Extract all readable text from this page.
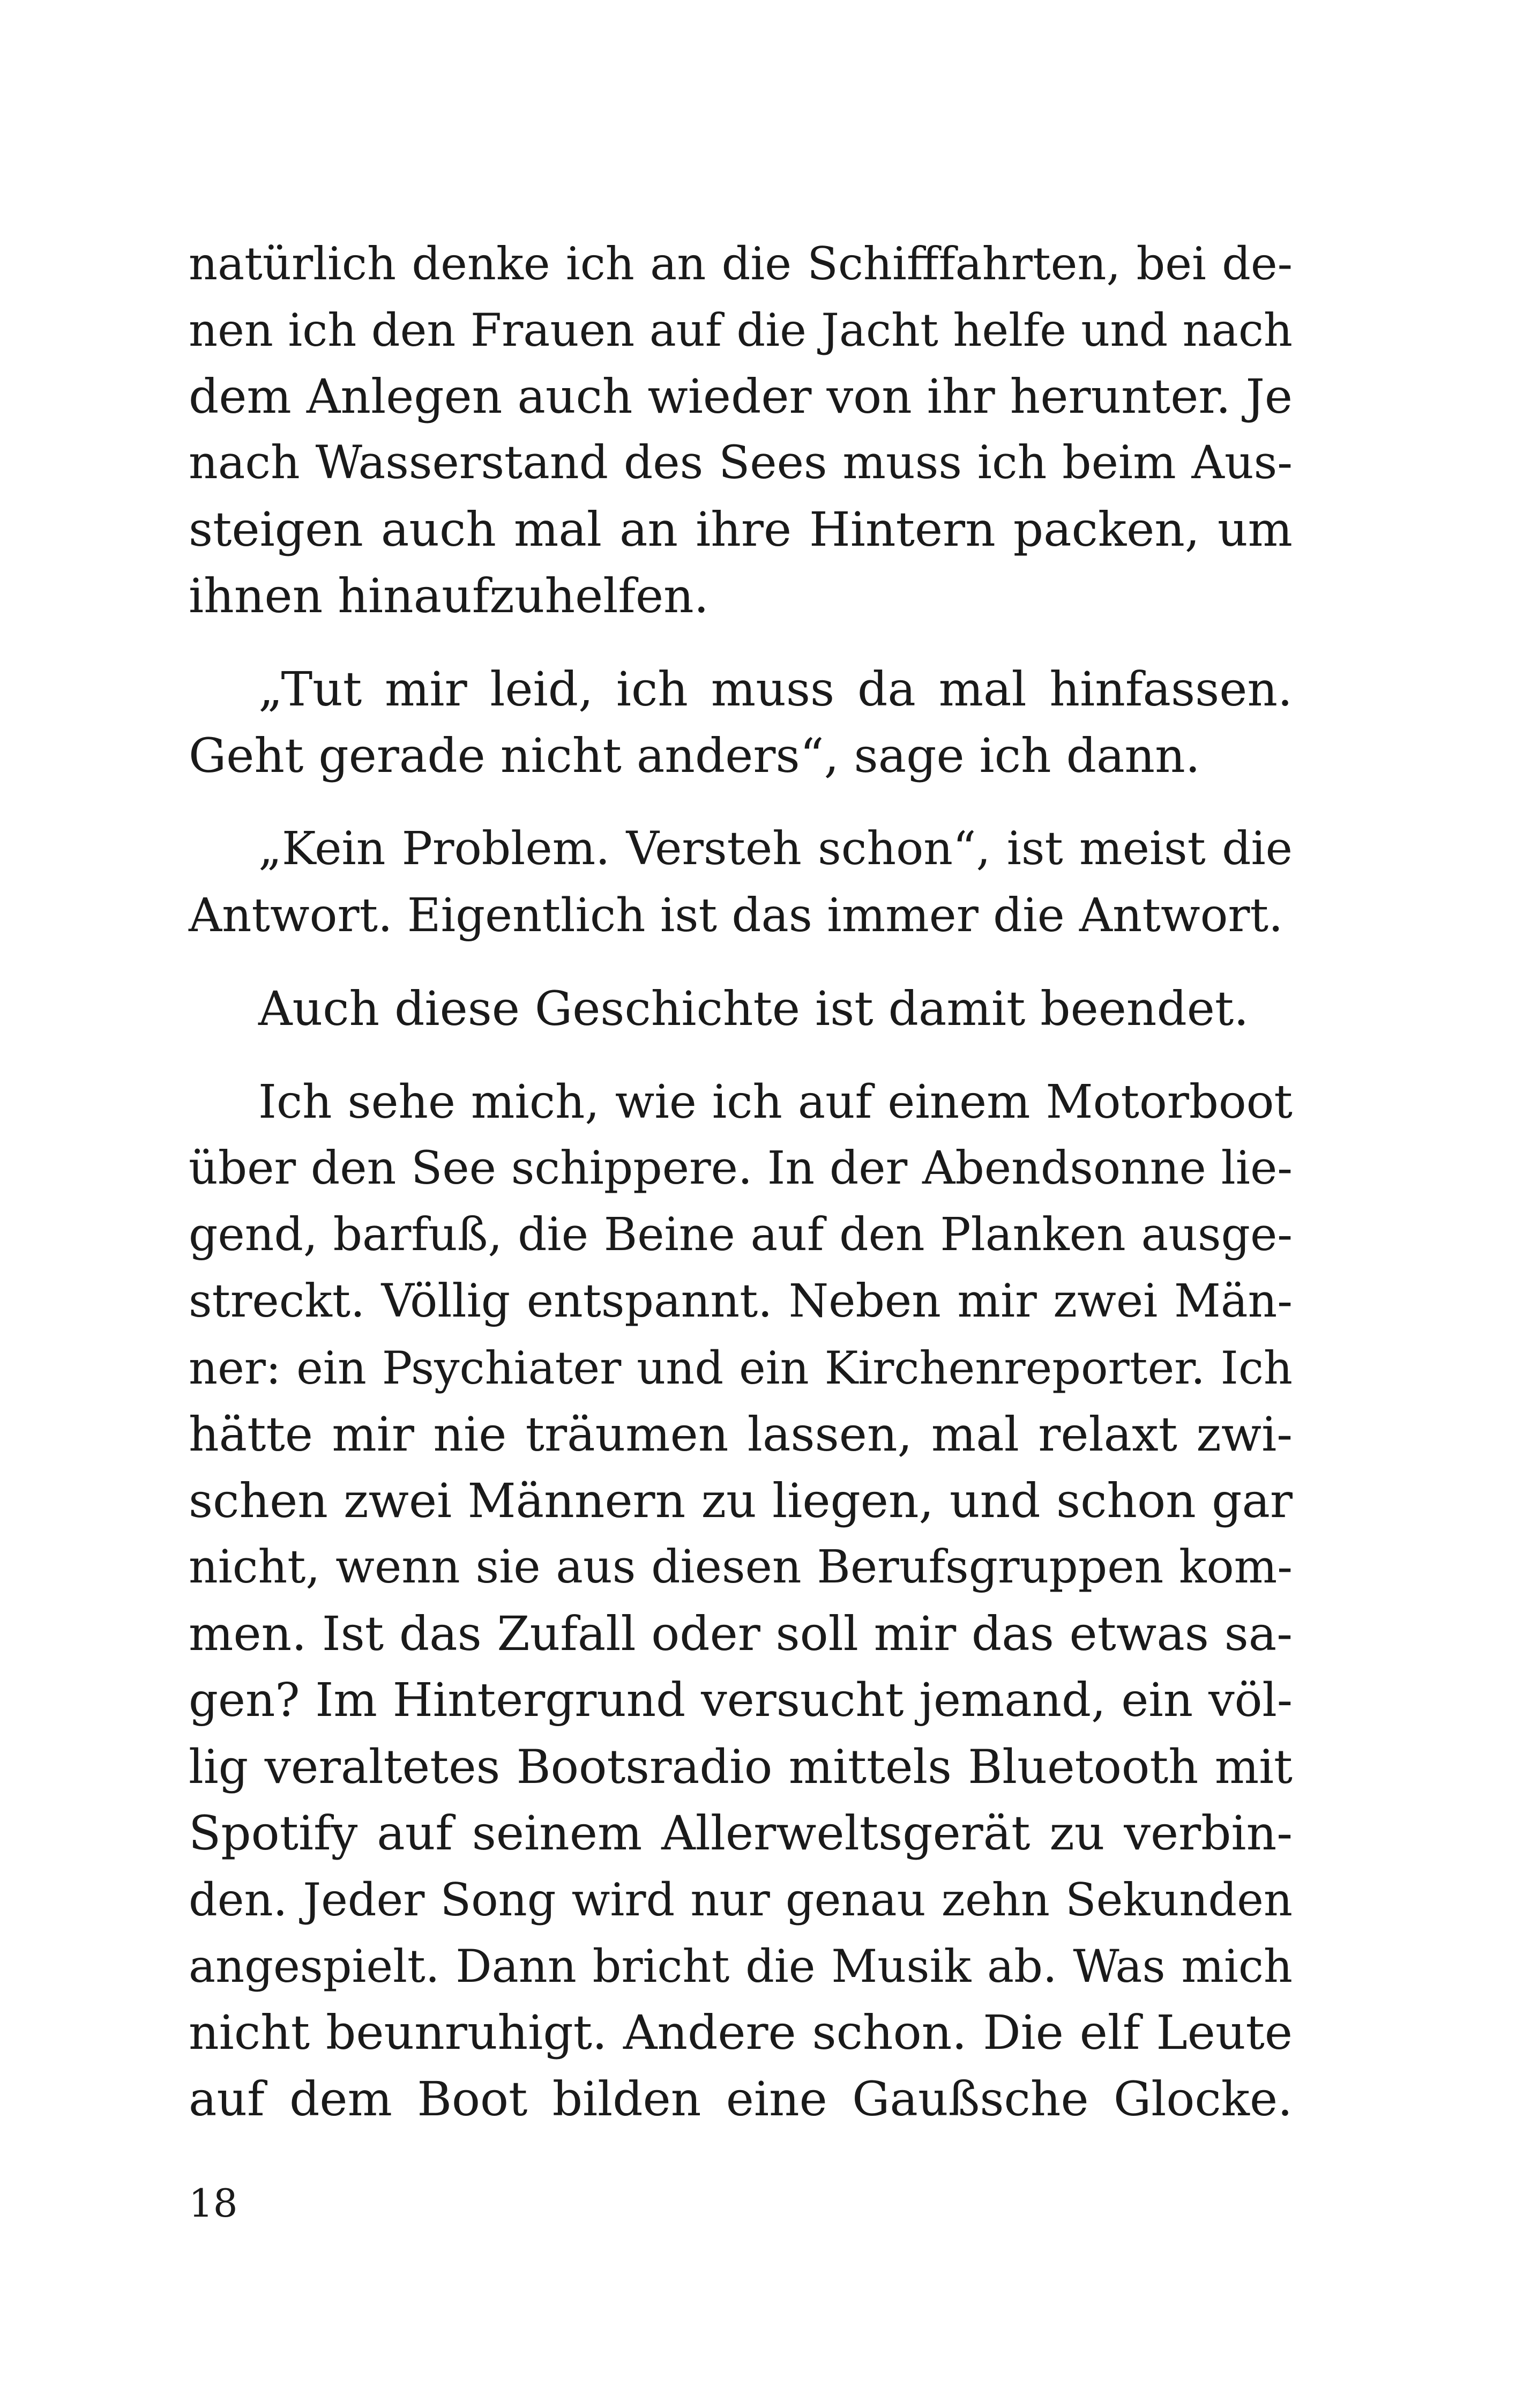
natürlich denke ich an die Schifffahrten, bei de-
nen ich den Frauen auf die Jacht helfe und nach
dem Anlegen auch wieder von ihr herunter. Je
nach Wasserstand des Sees muss ich beim Aus-
steigen auch mal an ihre Hintern packen, um
ihnen hinaufzuhelfen.
„Tut mir leid, ich muss da mal hinfassen.
Geht gerade nicht anders“, sage ich dann.
„Kein Problem. Versteh schon“, ist meist die
Antwort. Eigentlich ist das immer die Antwort.
Auch diese Geschichte ist damit beendet.
Ich sehe mich, wie ich auf einem Motorboot
über den See schippere. In der Abendsonne lie-
gend, barfuß, die Beine auf den Planken ausge-
streckt. Völlig entspannt. Neben mir zwei Män-
ner: ein Psychiater und ein Kirchenreporter. Ich
hätte mir nie träumen lassen, mal relaxt zwi-
schen zwei Männern zu liegen, und schon gar
nicht, wenn sie aus diesen Berufsgruppen kom-
men. Ist das Zufall oder soll mir das etwas sa-
gen? Im Hintergrund versucht jemand, ein völ-
lig veraltetes Bootsradio mittels Bluetooth mit
Spotify auf seinem Allerweltsgerät zu verbin-
den. Jeder Song wird nur genau zehn Sekunden
angespielt. Dann bricht die Musik ab. Was mich
nicht beunruhigt. Andere schon. Die elf Leute
auf dem Boot bilden eine Gaußsche Glocke.
18
